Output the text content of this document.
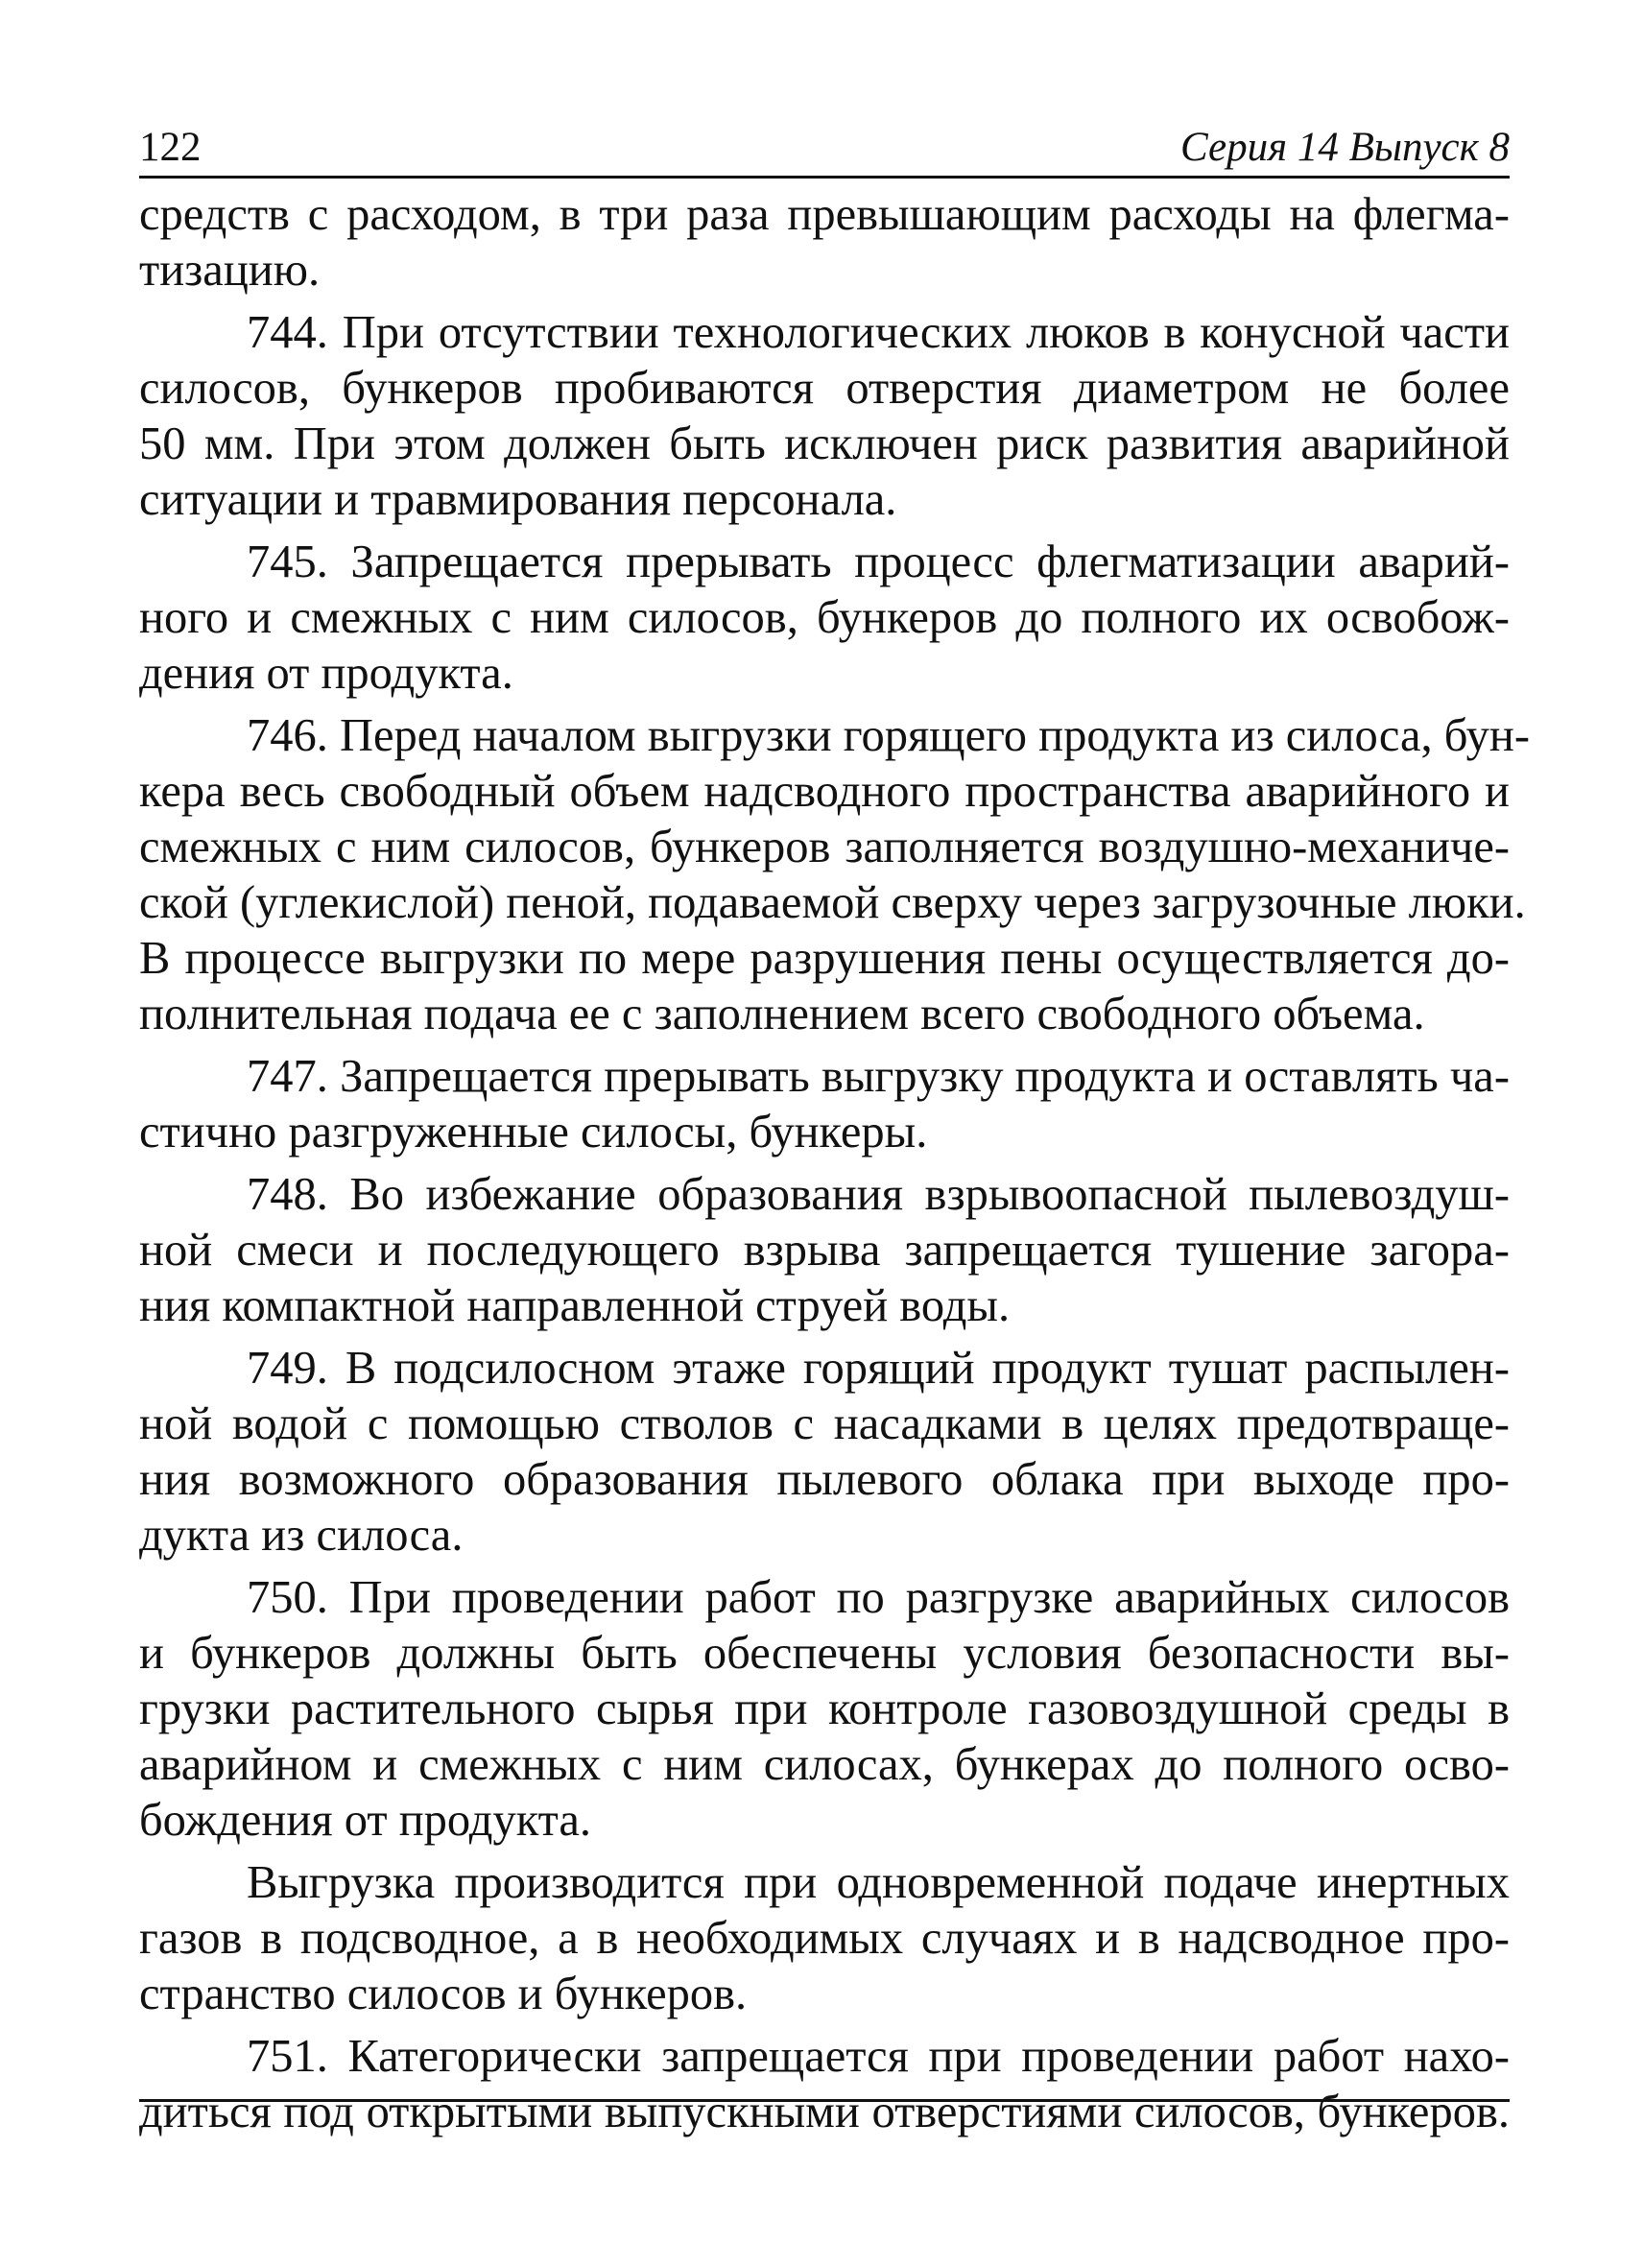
122	Серия 14 Выпуск 8

средств с расходом, в три раза превышающим расходы на флегма-

тизацию.

744. При отсутствии технологических люков в конусной части

силосов, бункеров пробиваются отверстия диаметром не более

50 мм. При этом должен быть исключен риск развития аварийной

ситуации и травмирования персонала.

745. Запрещается прерывать процесс флегматизации аварий-

ного и смежных с ним силосов, бункеров до полного их освобож-

дения от продукта.

746. Перед началом выгрузки горящего продукта из силоса, бун-

кера весь свободный объем надсводного пространства аварийного и

смежных с ним силосов, бункеров заполняется воздушно-механиче-

ской (углекислой) пеной, подаваемой сверху через загрузочные люки.

В процессе выгрузки по мере разрушения пены осуществляется до-

полнительная подача ее с заполнением всего свободного объема.

747. Запрещается прерывать выгрузку продукта и оставлять ча-

стично разгруженные силосы, бункеры.

748. Во избежание образования взрывоопасной пылевоздуш-

ной смеси и последующего взрыва запрещается тушение загора-

ния компактной направленной струей воды.

749. В подсилосном этаже горящий продукт тушат распылен-

ной водой с помощью стволов с насадками в целях предотвраще-

ния возможного образования пылевого облака при выходе про-

дукта из силоса.

750. При проведении работ по разгрузке аварийных силосов

и бункеров должны быть обеспечены условия безопасности вы-

грузки растительного сырья при контроле газовоздушной среды в

аварийном и смежных с ним силосах, бункерах до полного осво-

бождения от продукта.

Выгрузка производится при одновременной подаче инертных

газов в подсводное, а в необходимых случаях и в надсводное про-

странство силосов и бункеров.

751. Категорически запрещается при проведении работ нахо-

диться под открытыми выпускными отверстиями силосов, бункеров.
